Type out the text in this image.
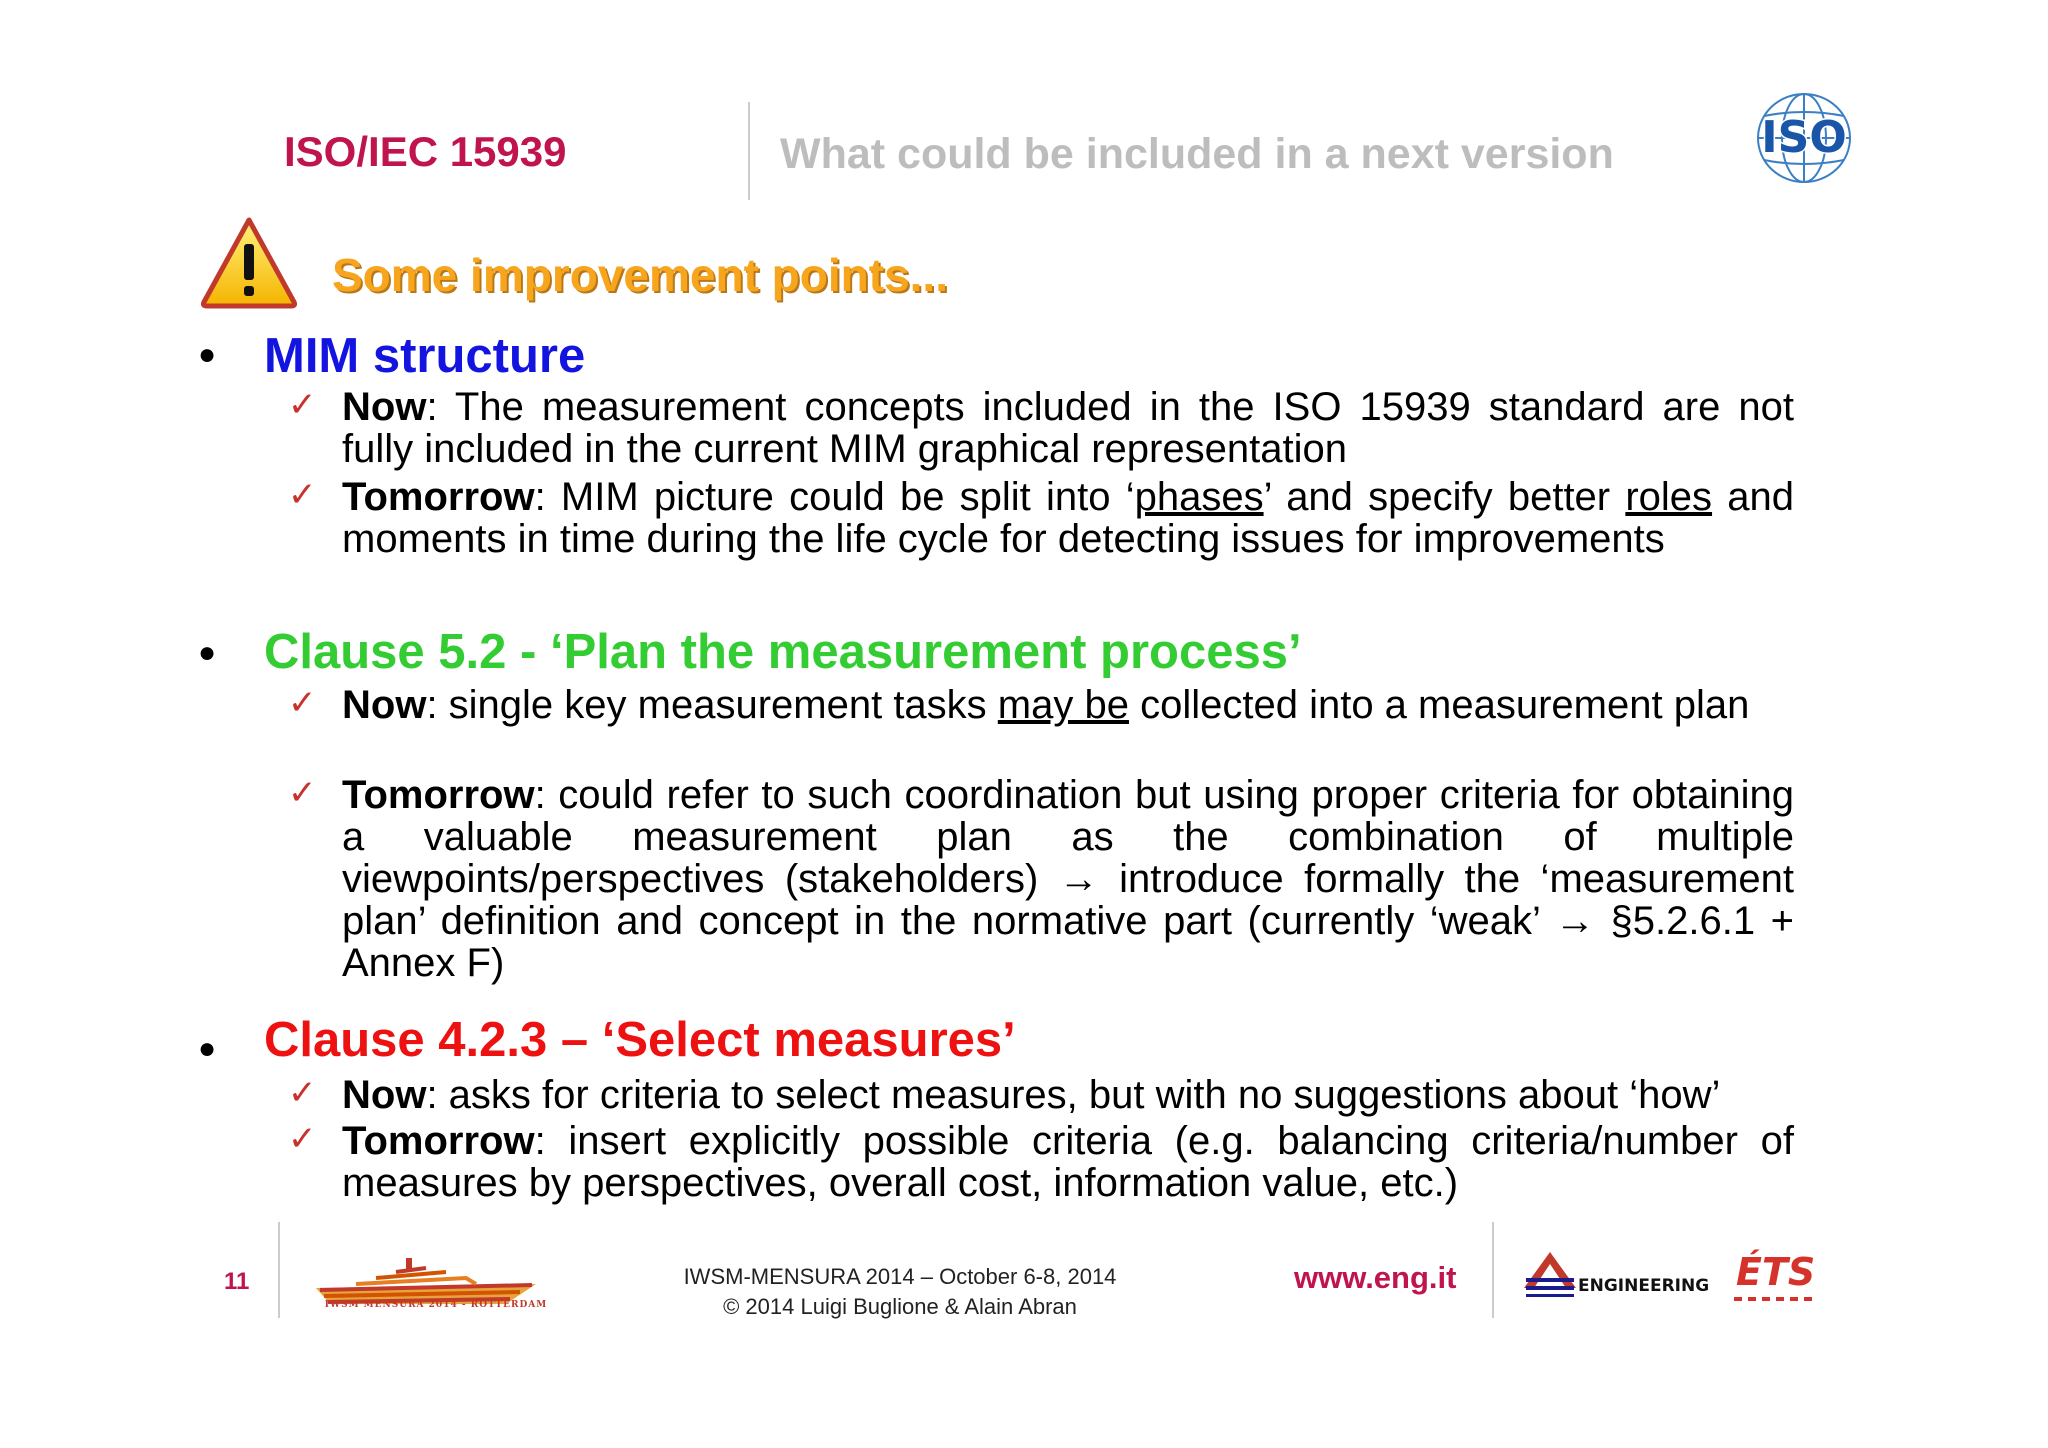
ISO/IEC 15939	What could be included in a next version	ISO
Some improvement points...
● MIM structure
✓ Now: The measurement concepts included in the ISO 15939 standard are not fully included in the current MIM graphical representation
✓ Tomorrow: MIM picture could be split into ‘phases’ and specify better roles and moments in time during the life cycle for detecting issues for improvements
● Clause 5.2 - ‘Plan the measurement process’
✓ Now: single key measurement tasks may be collected into a measurement plan
✓ Tomorrow: could refer to such coordination but using proper criteria for obtaining a valuable measurement plan as the combination of multiple viewpoints/perspectives (stakeholders) → introduce formally the ‘measurement plan’ definition and concept in the normative part (currently ‘weak’ → §5.2.6.1 + Annex F)
● Clause 4.2.3 – ‘Select measures’
✓ Now: asks for criteria to select measures, but with no suggestions about ‘how’
✓ Tomorrow: insert explicitly possible criteria (e.g. balancing criteria/number of measures by perspectives, overall cost, information value, etc.)
11
IWSM MENSURA 2014 - ROTTERDAM
IWSM-MENSURA 2014 – October 6-8, 2014
© 2014 Luigi Buglione & Alain Abran
www.eng.it	ENGINEERING ÉTS
